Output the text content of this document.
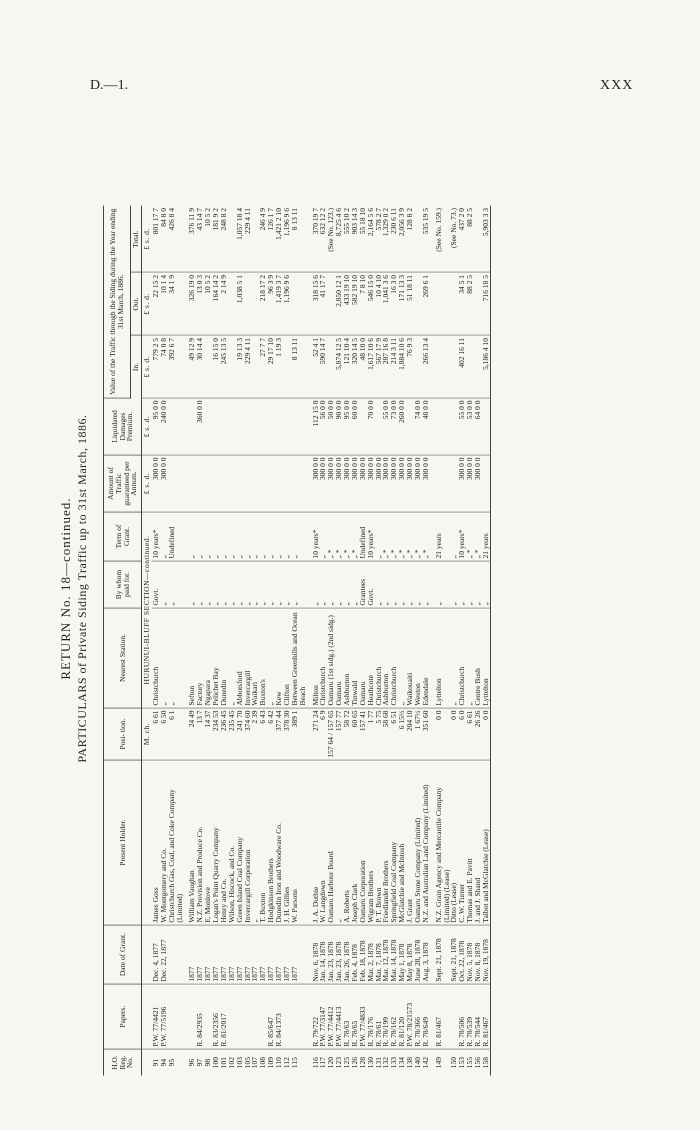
D.—1.	XXX
RETURN No. 18—continued. PARTICULARS of Private Siding Traffic up to 31st March, 1886.
H.O. Reg. No.	Papers.	Date of Grant.	Present Holder.	Posi- tion.	Nearest Station.	By whom paid for.	Term of Grant.	Amount of Traffic guaranteed per Annum.	Liquidated Damages Premium.	Value of the Traffic through the Siding during the Year ending 31st March, 1886.		
										In.	Out.	Total.
				M. ch.	HURUNUI-BLUFF SECTION—continued.			£ s. d.	£ s. d.	£ s. d.	£ s. d.	£ s. d.
91	P.W. 77/4421	Dec. 4, 1877	James Goss	6 61	Christchurch	Govt.	10 years*	300 0 0	95 0 0	779 2 5	22 15 2	801 17 7
94	P.W. 77/5196	Dec. 22, 1877	W. Montgomery and Co.	6 50	„	„	„	300 0 0	240 0 0	74 0 8	10 1 4	84 8 0
95			Christchurch Gas, Coal, and Coke Company (Limited)	6 1	„	„	Undefined			392 6 7	34 1 9	426 8 4

96		1877	William Vaughan	24 49	Sefton	„	„			49 12 9	326 19 0	376 11 9
97	R. 84/2935	1877	N.Z. Provision and Produce Co.	13 7	Factory	„	„		360 0 0	30 14 4	13 0 3	43 14 7
98		1877	E. Monlove	14 37	Ngapara	„	„				10 5 2	10 5 2
100	R. 83/2356	1877	Logan's Point Quarry Company	234 53	Pelichet Bay	„	„			16 15 0	164 14 2	181 9 2
101	R. 81/2017	1877	Henry and Co.	236 45	Dunedin	„	„			245 13 5	2 14 9	248 8 2
102		1877	Wilson, Hiscock, and Co.	235 45	„	„	„					
103		1877	Green Island Coal Company	241 70	Abbotsford	„	„			19 13 3	1,038 5 1	1,057 18 4
105		1877	Invercargill Corporation	374 60	Invercargill	„	„			229 4 11		229 4 11
107		1877	„	2 39	Waikari	„	„					
108		1877	T. Buxton	6 43	Buxton's	„	„			27 7 7	218 17 2	246 4 9
109	R. 85/647	1877	Hodgkinson Brothers	6 42	„	„	„			29 17 10	96 3 9	126 1 7
110	R. 84/1373	1877	Dunedin Iron and Woodware Co.	377 44	Kew	„	„			1 19 3	1,419 3 7	1,421 2 10
112		1877	J. H. Gillies	378 30	Clifton	„	„				1,196 9 6	1,196 9 6
115		1877	W. Parsons	389 1	Between Greenhills and Ocean Beach	„	„			8 13 11		8 13 11

116	R. 79/722	Nov. 6, 1878	J. A. Duthie	271 24	Milton	„	10 years*	300 0 0	112 15 0	52 4 1	318 15 6	370 19 7
117	P.W. 77/3147	Jan. 14, 1878	W. Langdown	6 9	Christchurch	„	„	300 0 0	56 0 0	590 14 7	41 17 7	632 12 2
120	P.W. 77/4412	Jan. 23, 1878	Oamaru Harbour Board	157 64 / 157 65	Oamaru (1st sidg.) (2nd sidg.)	„	„ *	300 0 0	50 0 0			(See No. 123.)
123	P.W. 77/4413	Jan. 23, 1878	„	157 77	Oamaru	„	„ *	300 0 0	90 0 0	5,874 12 5	2,850 12 1	8,725 4 6
125	R. 78/63	Jan. 26, 1878	A. Roberts	58 72	Ashburton	„	„ *	300 0 0	95 0 0	121 10 4	433 19 10	555 10 2
126	R. 78/65	Feb. 4, 1878	Joseph Clark	60 65	Tinwald	„	„ *	300 0 0	60 0 0	320 14 5	582 19 10	903 14 3
128	P.W. 77/4833	Feb. 18, 1878	Oamaru Corporation	157 41	Oamaru	Grantees	Undefined	300 0 0		48 10 0	7 8 10	55 18 10
130	R. 78/176	Mar. 2, 1878	Wigram Brothers	1 77	Heathcote	Govt.	10 years*	300 0 0	70 0 0	1,617 10 6	546 15 0	2,164 5 6
131	R. 78/61	Mar. 7, 1878	P. T. Brown	5 75	Christchurch	„	„	300 0 0		567 17 9	10 4 10	578 2 7
132	R. 78/199	Mar. 12, 1878	Friedlander Brothers	58 68	Ashburton	„	„ *	300 0 0	55 0 0	287 16 8	1,041 3 6	1,329 0 2
133	R. 78/162	Mar. 14, 1878	Springfield Coal Company	6 51	Christchurch	„	„ *	300 0 0	73 0 0	214 3 11	16 3 0	230 6 11
134	R. 81/120	May 1, 1878	McGlatchie and McIntosh	6 15½	„	„	„ *	300 0 0	260 0 0	1,884 10 6	171 13 3	2,056 3 9
138	P.W. 78/21573	May 8, 1878	J. Grant	204 10	Waikouaiti	„	„ *	300 0 0		76 9 3	51 18 11	128 8 2
140	R. 78/366	June 28, 1878	Oamaru Stone Company (Limited)	1 67½	Weston	„	„ *	300 0 0	74 0 0			
142	R. 78/649	Aug. 3, 1878	N.Z. and Australian Land Company (Limited)	351 60	Edendale	„	„ *	300 0 0	48 0 0	266 13 4	269 6 1	535 19 5

149	R. 81/467	Sept. 21, 1878	N.Z. Grain Agency and Mercantile Company (Limited) (Lease)	0 0	Lyttelton	„	21 years					(See No. 159.)
150		Sept. 21, 1878	Ditto (Lease)	0 0	„	„	„					(See No. 73.)
153	R. 78/506	Oct. 22, 1878	C. W. Turner	6 0	Christchurch	„	10 years*	300 0 0	55 0 0	402 16 11	34 5 1	437 2 0
155	R. 78/539	Nov. 5, 1878	Thomas and E. Pavitt	6 61	„	„	„ *	300 0 0	53 0 0		88 2 5	88 2 5
156	R. 78/544	Nov. 8, 1878	J. and J. Shand	26 26	Centre Bush	„	„ *	300 0 0	64 0 0			
158	R. 81/467	Nov. 19, 1878	Talbot and McGlatchie (Lease)	0 0	Lyttelton	„	21 years			5,186 4 10	716 18 5	5,903 3 3
